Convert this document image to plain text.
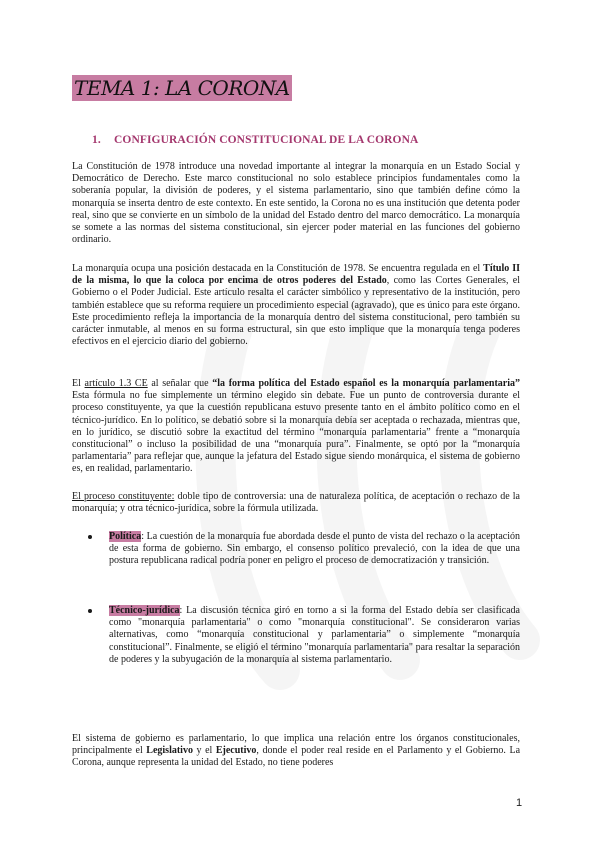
TEMA 1: LA CORONA
1. CONFIGURACIÓN CONSTITUCIONAL DE LA CORONA

La Constitución de 1978 introduce una novedad importante al integrar la monarquía en un Estado Social y Democrático de Derecho. Este marco constitucional no solo establece principios fundamentales como la soberanía popular, la división de poderes, y el sistema parlamentario, sino que también define cómo la monarquía se inserta dentro de este contexto. En este sentido, la Corona no es una institución que detenta poder real, sino que se convierte en un símbolo de la unidad del Estado dentro del marco democrático. La monarquía se somete a las normas del sistema constitucional, sin ejercer poder material en las funciones del gobierno ordinario.

La monarquía ocupa una posición destacada en la Constitución de 1978. Se encuentra regulada en el Título II de la misma, lo que la coloca por encima de otros poderes del Estado, como las Cortes Generales, el Gobierno o el Poder Judicial. Este artículo resalta el carácter simbólico y representativo de la institución, pero también establece que su reforma requiere un procedimiento especial (agravado), que es único para este órgano. Este procedimiento refleja la importancia de la monarquía dentro del sistema constitucional, pero también su carácter inmutable, al menos en su forma estructural, sin que esto implique que la monarquía tenga poderes efectivos en el ejercicio diario del gobierno.

El artículo 1.3 CE al señalar que “la forma política del Estado español es la monarquía parlamentaria” Esta fórmula no fue simplemente un término elegido sin debate. Fue un punto de controversia durante el proceso constituyente, ya que la cuestión republicana estuvo presente tanto en el ámbito político como en el técnico-jurídico. En lo político, se debatió sobre si la monarquía debía ser aceptada o rechazada, mientras que, en lo jurídico, se discutió sobre la exactitud del término “monarquía parlamentaria” frente a “monarquía constitucional” o incluso la posibilidad de una “monarquía pura”. Finalmente, se optó por la “monarquía parlamentaria” para reflejar que, aunque la jefatura del Estado sigue siendo monárquica, el sistema de gobierno es, en realidad, parlamentario.

El proceso constituyente: doble tipo de controversia: una de naturaleza política, de aceptación o rechazo de la monarquía; y otra técnico-jurídica, sobre la fórmula utilizada.

Política: La cuestión de la monarquía fue abordada desde el punto de vista del rechazo o la aceptación de esta forma de gobierno. Sin embargo, el consenso político prevaleció, con la idea de que una postura republicana radical podría poner en peligro el proceso de democratización y transición.

Técnico-jurídica: La discusión técnica giró en torno a si la forma del Estado debía ser clasificada como "monarquía parlamentaria" o como "monarquía constitucional". Se consideraron varias alternativas, como “monarquía constitucional y parlamentaria” o simplemente “monarquía constitucional”. Finalmente, se eligió el término "monarquía parlamentaria" para resaltar la separación de poderes y la subyugación de la monarquía al sistema parlamentario.

El sistema de gobierno es parlamentario, lo que implica una relación entre los órganos constitucionales, principalmente el Legislativo y el Ejecutivo, donde el poder real reside en el Parlamento y el Gobierno. La Corona, aunque representa la unidad del Estado, no tiene poderes

1
